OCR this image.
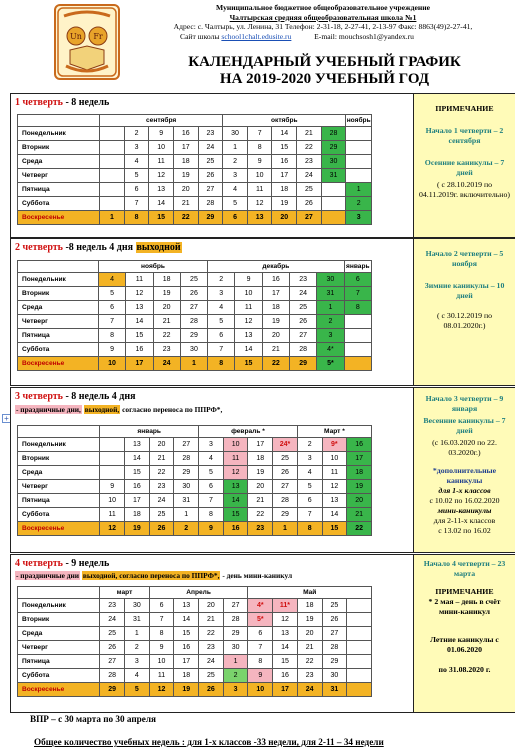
Un Fr
Муниципальное бюджетное общеобразовательное учреждение
Чалтырская средняя общеобразовательная школа №1
Адрес: с. Чалтырь, ул. Ленина, 31 Телефон: 2-31-18, 2-27-41, 2-13-97 Факс: 8863(49)2-27-41,
Сайт школы school1chalt.edusite.ru	E-mail: mouchsosh1@yandex.ru
КАЛЕНДАРНЫЙ УЧЕБНЫЙ ГРАФИК
НА 2019-2020 УЧЕБНЫЙ ГОД
1 четверть - 8 недель
	сентября					октябрь					ноябрь
Понедельник		2	9	16	23	30	7	14	21	28	
Вторник		3	10	17	24	1	8	15	22	29	
Среда		4	11	18	25	2	9	16	23	30	
Четверг		5	12	19	26	3	10	17	24	31	
Пятница		6	13	20	27	4	11	18	25		1
Суббота		7	14	21	28	5	12	19	26		2
Воскресенье	1	8	15	22	29	6	13	20	27		3
ПРИМЕЧАНИЕ
Начало 1 четверти – 2 сентября
Осенние каникулы – 7 дней
( с 28.10.2019 по 04.11.2019г. включительно)
2 четверть -8 недель 4 дня выходной
	ноябрь				декабрь					январь
Понедельник	4	11	18	25	2	9	16	23	30	6
Вторник	5	12	19	26	3	10	17	24	31	7
Среда	6	13	20	27	4	11	18	25	1	8
Четверг	7	14	21	28	5	12	19	26	2	
Пятница	8	15	22	29	6	13	20	27	3	
Суббота	9	16	23	30	7	14	21	28	4*	
Воскресенье	10	17	24	1	8	15	22	29	5*	
Начало 2 четверти – 5 ноября
Зимние каникулы – 10 дней
( с 30.12.2019 по 08.01.2020г.)
+
3 четверть - 8 недель 4 дня
- праздничные дни, выходной, согласно переноса по ППРФ*,
	январь				февраль *				Март *		
Понедельник		13	20	27	3	10	17	24*	2	9*	16
Вторник		14	21	28	4	11	18	25	3	10	17
Среда		15	22	29	5	12	19	26	4	11	18
Четверг	9	16	23	30	6	13	20	27	5	12	19
Пятница	10	17	24	31	7	14	21	28	6	13	20
Суббота	11	18	25	1	8	15	22	29	7	14	21
Воскресенье	12	19	26	2	9	16	23	1	8	15	22
Начало 3 четверти – 9 января
Весенние каникулы – 7 дней
(с 16.03.2020 по 22. 03.2020г.)
*дополнительные каникулы
для 1-х классов
с 10.02 по 16.02.2020
мини-каникулы
для 2-11-х классов
с 13.02 по 16.02
4 четверть - 9 недель
- праздничные дни выходной, согласно переноса по ППРФ*, - день мини-каникул
	март		Апрель				Май				
Понедельник	23	30	6	13	20	27	4*	11*	18	25	
Вторник	24	31	7	14	21	28	5*	12	19	26	
Среда	25	1	8	15	22	29	6	13	20	27	
Четверг	26	2	9	16	23	30	7	14	21	28	
Пятница	27	3	10	17	24	1	8	15	22	29	
Суббота	28	4	11	18	25	2	9	16	23	30	
Воскресенье	29	5	12	19	26	3	10	17	24	31	
Начало 4 четверти – 23 марта
ПРИМЕЧАНИЕ
* 2 мая – день в счёт мини-каникул
Летние каникулы с 01.06.2020
по 31.08.2020 г.
ВПР – с 30 марта по 30 апреля
Общее количество учебных недель : для 1-х классов -33 недели, для 2-11 – 34 недели
